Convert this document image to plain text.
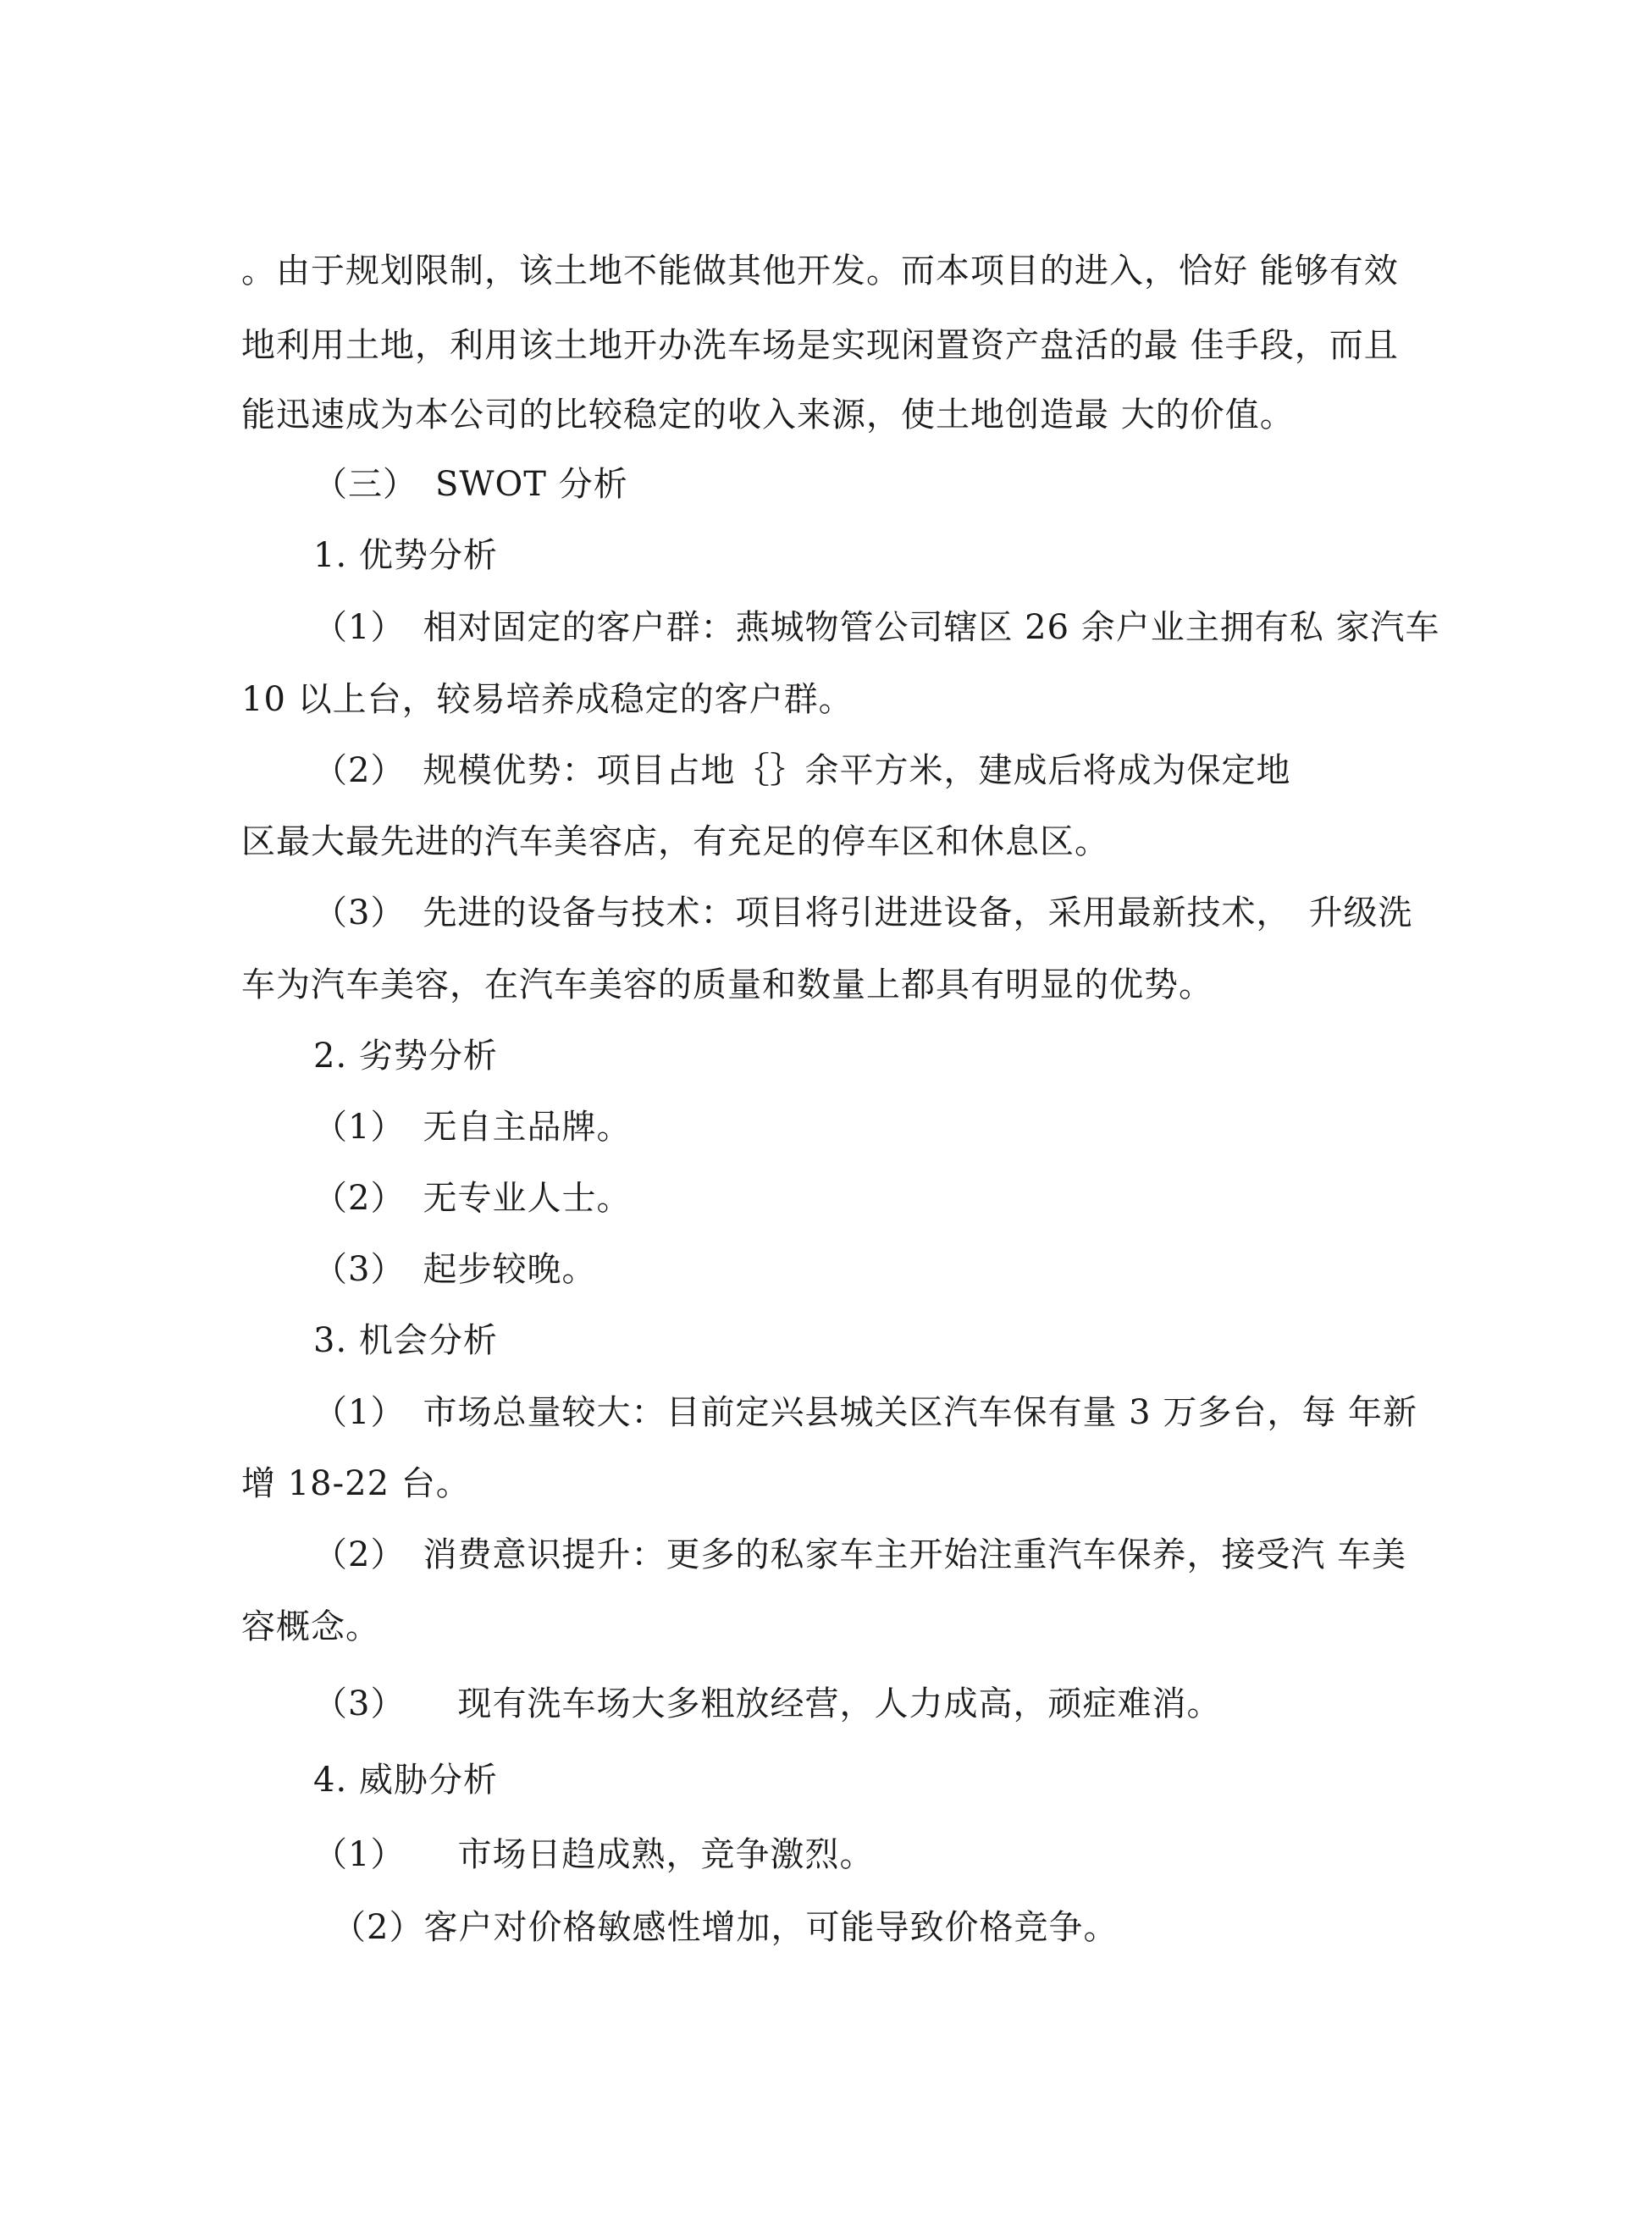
。由于规划限制，该土地不能做其他开发。而本项目的进入，恰好 能够有效
地利用土地，利用该土地开办洗车场是实现闲置资产盘活的最 佳手段，而且
能迅速成为本公司的比较稳定的收入来源，使土地创造最 大的价值。
（三）　SWOT 分析
1. 优势分析
（1）　相对固定的客户群：燕城物管公司辖区 26 余户业主拥有私 家汽车
10 以上台，较易培养成稳定的客户群。
（2）　规模优势：项目占地｛｝余平方米，建成后将成为保定地
区最大最先进的汽车美容店，有充足的停车区和休息区。
（3）　先进的设备与技术：项目将引进进设备，采用最新技术，　升级洗
车为汽车美容，在汽车美容的质量和数量上都具有明显的优势。
2. 劣势分析
（1）　无自主品牌。
（2）　无专业人士。
（3）　起步较晚。
3. 机会分析
（1）　市场总量较大：目前定兴县城关区汽车保有量 3 万多台，每 年新
增 18-22 台。
（2）　消费意识提升：更多的私家车主开始注重汽车保养，接受汽 车美
容概念。
（3）　　现有洗车场大多粗放经营，人力成高，顽症难消。
4. 威胁分析
（1）　　市场日趋成熟，竞争激烈。
（2）客户对价格敏感性增加，可能导致价格竞争。
